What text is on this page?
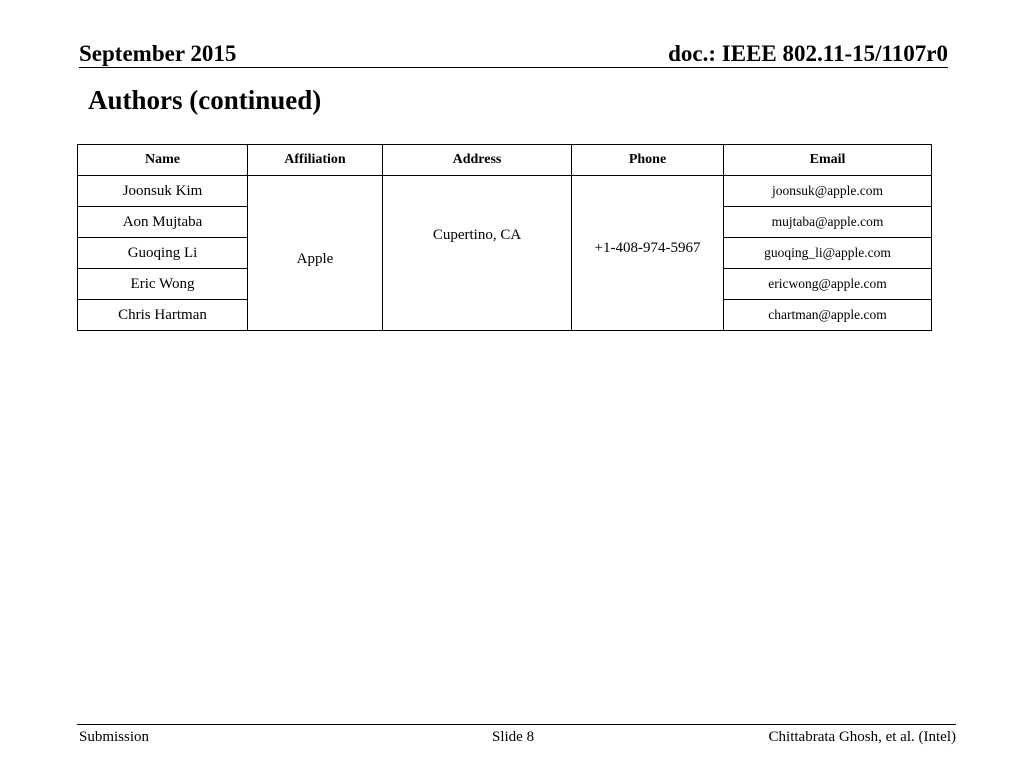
September 2015	doc.: IEEE 802.11-15/1107r0
Authors (continued)
Name	Affiliation	Address	Phone	Email
Joonsuk Kim	Apple	Cupertino, CA	+1-408-974-5967	joonsuk@apple.com
Aon Mujtaba				mujtaba@apple.com
Guoqing Li				guoqing_li@apple.com
Eric Wong				ericwong@apple.com
Chris Hartman				chartman@apple.com
Submission	Slide 8	Chittabrata Ghosh, et al. (Intel)
